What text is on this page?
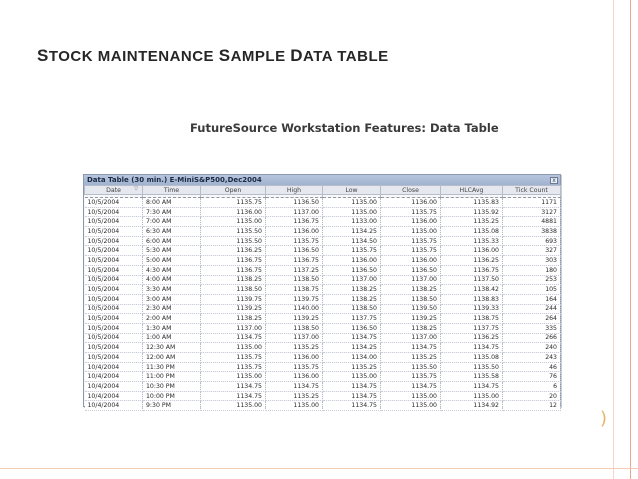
STOCK MAINTENANCE SAMPLE DATA TABLE
FutureSource Workstation Features: Data Table
Data Table (30 min.) E-MiniS&P500,Dec2004	x
Date ▽	Time	Open	High	Low	Close	HLCAvg	Tick Count

10/5/2004	8:00 AM	1135.75	1136.50	1135.00	1136.00	1135.83	1171
10/5/2004	7:30 AM	1136.00	1137.00	1135.00	1135.75	1135.92	3127
10/5/2004	7:00 AM	1135.00	1136.75	1133.00	1136.00	1135.25	4881
10/5/2004	6:30 AM	1135.50	1136.00	1134.25	1135.00	1135.08	3838
10/5/2004	6:00 AM	1135.50	1135.75	1134.50	1135.75	1135.33	693
10/5/2004	5:30 AM	1136.25	1136.50	1135.75	1135.75	1136.00	327
10/5/2004	5:00 AM	1136.75	1136.75	1136.00	1136.00	1136.25	303
10/5/2004	4:30 AM	1136.75	1137.25	1136.50	1136.50	1136.75	180
10/5/2004	4:00 AM	1138.25	1138.50	1137.00	1137.00	1137.50	253
10/5/2004	3:30 AM	1138.50	1138.75	1138.25	1138.25	1138.42	105
10/5/2004	3:00 AM	1139.75	1139.75	1138.25	1138.50	1138.83	164
10/5/2004	2:30 AM	1139.25	1140.00	1138.50	1139.50	1139.33	244
10/5/2004	2:00 AM	1138.25	1139.25	1137.75	1139.25	1138.75	264
10/5/2004	1:30 AM	1137.00	1138.50	1136.50	1138.25	1137.75	335
10/5/2004	1:00 AM	1134.75	1137.00	1134.75	1137.00	1136.25	266
10/5/2004	12:30 AM	1135.00	1135.25	1134.25	1134.75	1134.75	240
10/5/2004	12:00 AM	1135.75	1136.00	1134.00	1135.25	1135.08	243
10/4/2004	11:30 PM	1135.75	1135.75	1135.25	1135.50	1135.50	46
10/4/2004	11:00 PM	1135.00	1136.00	1135.00	1135.75	1135.58	76
10/4/2004	10:30 PM	1134.75	1134.75	1134.75	1134.75	1134.75	6
10/4/2004	10:00 PM	1134.75	1135.25	1134.75	1135.00	1135.00	20
10/4/2004	9:30 PM	1135.00	1135.00	1134.75	1135.00	1134.92	12
)
